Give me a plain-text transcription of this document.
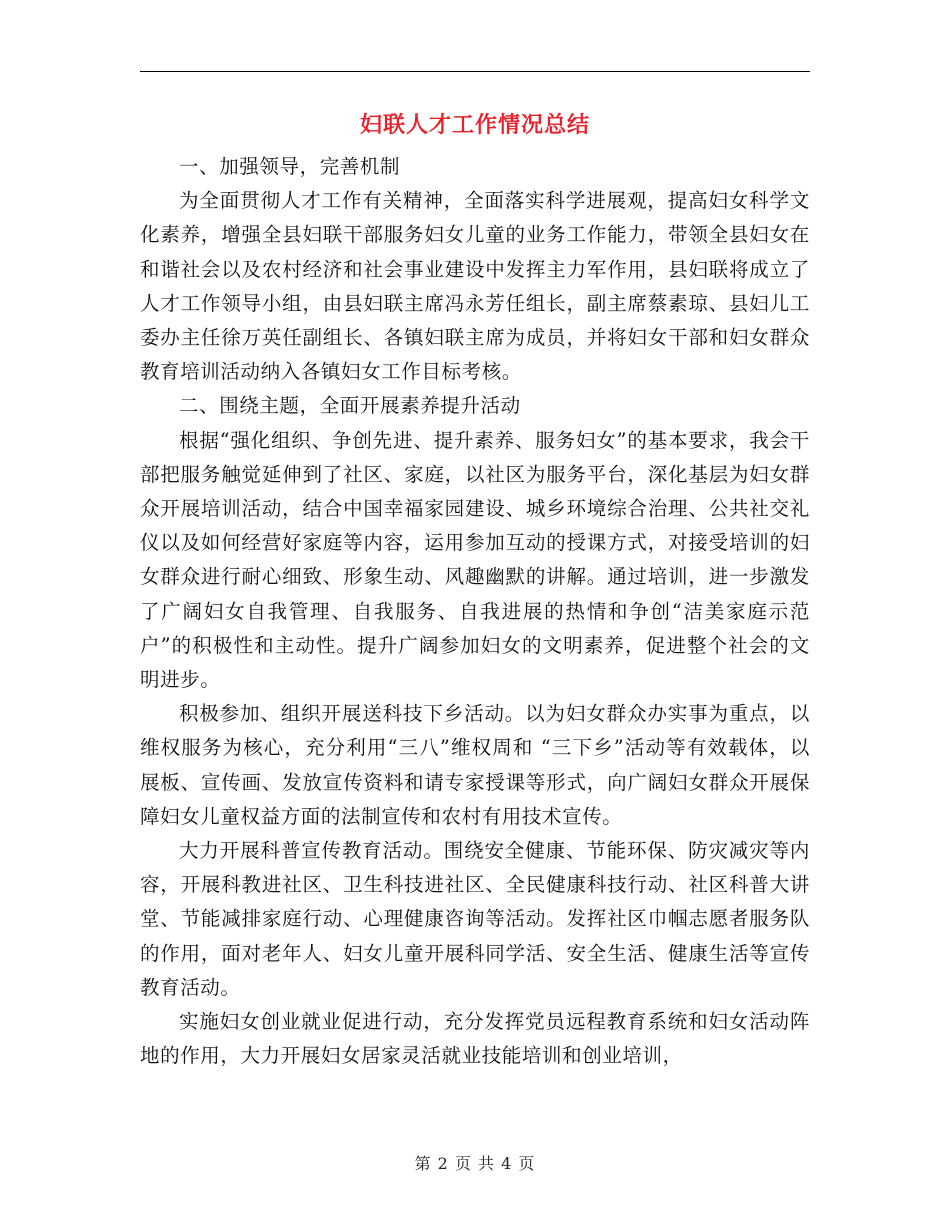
妇联人才工作情况总结

一、加强领导，完善机制

为全面贯彻人才工作有关精神，全面落实科学进展观，提高妇女科学文化素养，增强全县妇联干部服务妇女儿童的业务工作能力，带领全县妇女在和谐社会以及农村经济和社会事业建设中发挥主力军作用，县妇联将成立了人才工作领导小组，由县妇联主席冯永芳任组长，副主席蔡素琼、县妇儿工委办主任徐万英任副组长、各镇妇联主席为成员，并将妇女干部和妇女群众教育培训活动纳入各镇妇女工作目标考核。

二、围绕主题，全面开展素养提升活动

根据“强化组织、争创先进、提升素养、服务妇女”的基本要求，我会干部把服务触觉延伸到了社区、家庭，以社区为服务平台，深化基层为妇女群众开展培训活动，结合中国幸福家园建设、城乡环境综合治理、公共社交礼仪以及如何经营好家庭等内容，运用参加互动的授课方式，对接受培训的妇女群众进行耐心细致、形象生动、风趣幽默的讲解。通过培训，进一步激发了广阔妇女自我管理、自我服务、自我进展的热情和争创“洁美家庭示范户”的积极性和主动性。提升广阔参加妇女的文明素养，促进整个社会的文明进步。

积极参加、组织开展送科技下乡活动。以为妇女群众办实事为重点，以维权服务为核心，充分利用“三八”维权周和 “三下乡”活动等有效载体，以展板、宣传画、发放宣传资料和请专家授课等形式，向广阔妇女群众开展保障妇女儿童权益方面的法制宣传和农村有用技术宣传。

大力开展科普宣传教育活动。围绕安全健康、节能环保、防灾减灾等内容，开展科教进社区、卫生科技进社区、全民健康科技行动、社区科普大讲堂、节能减排家庭行动、心理健康咨询等活动。发挥社区巾帼志愿者服务队的作用，面对老年人、妇女儿童开展科同学活、安全生活、健康生活等宣传教育活动。

实施妇女创业就业促进行动，充分发挥党员远程教育系统和妇女活动阵地的作用，大力开展妇女居家灵活就业技能培训和创业培训，

第 2 页 共 4 页
